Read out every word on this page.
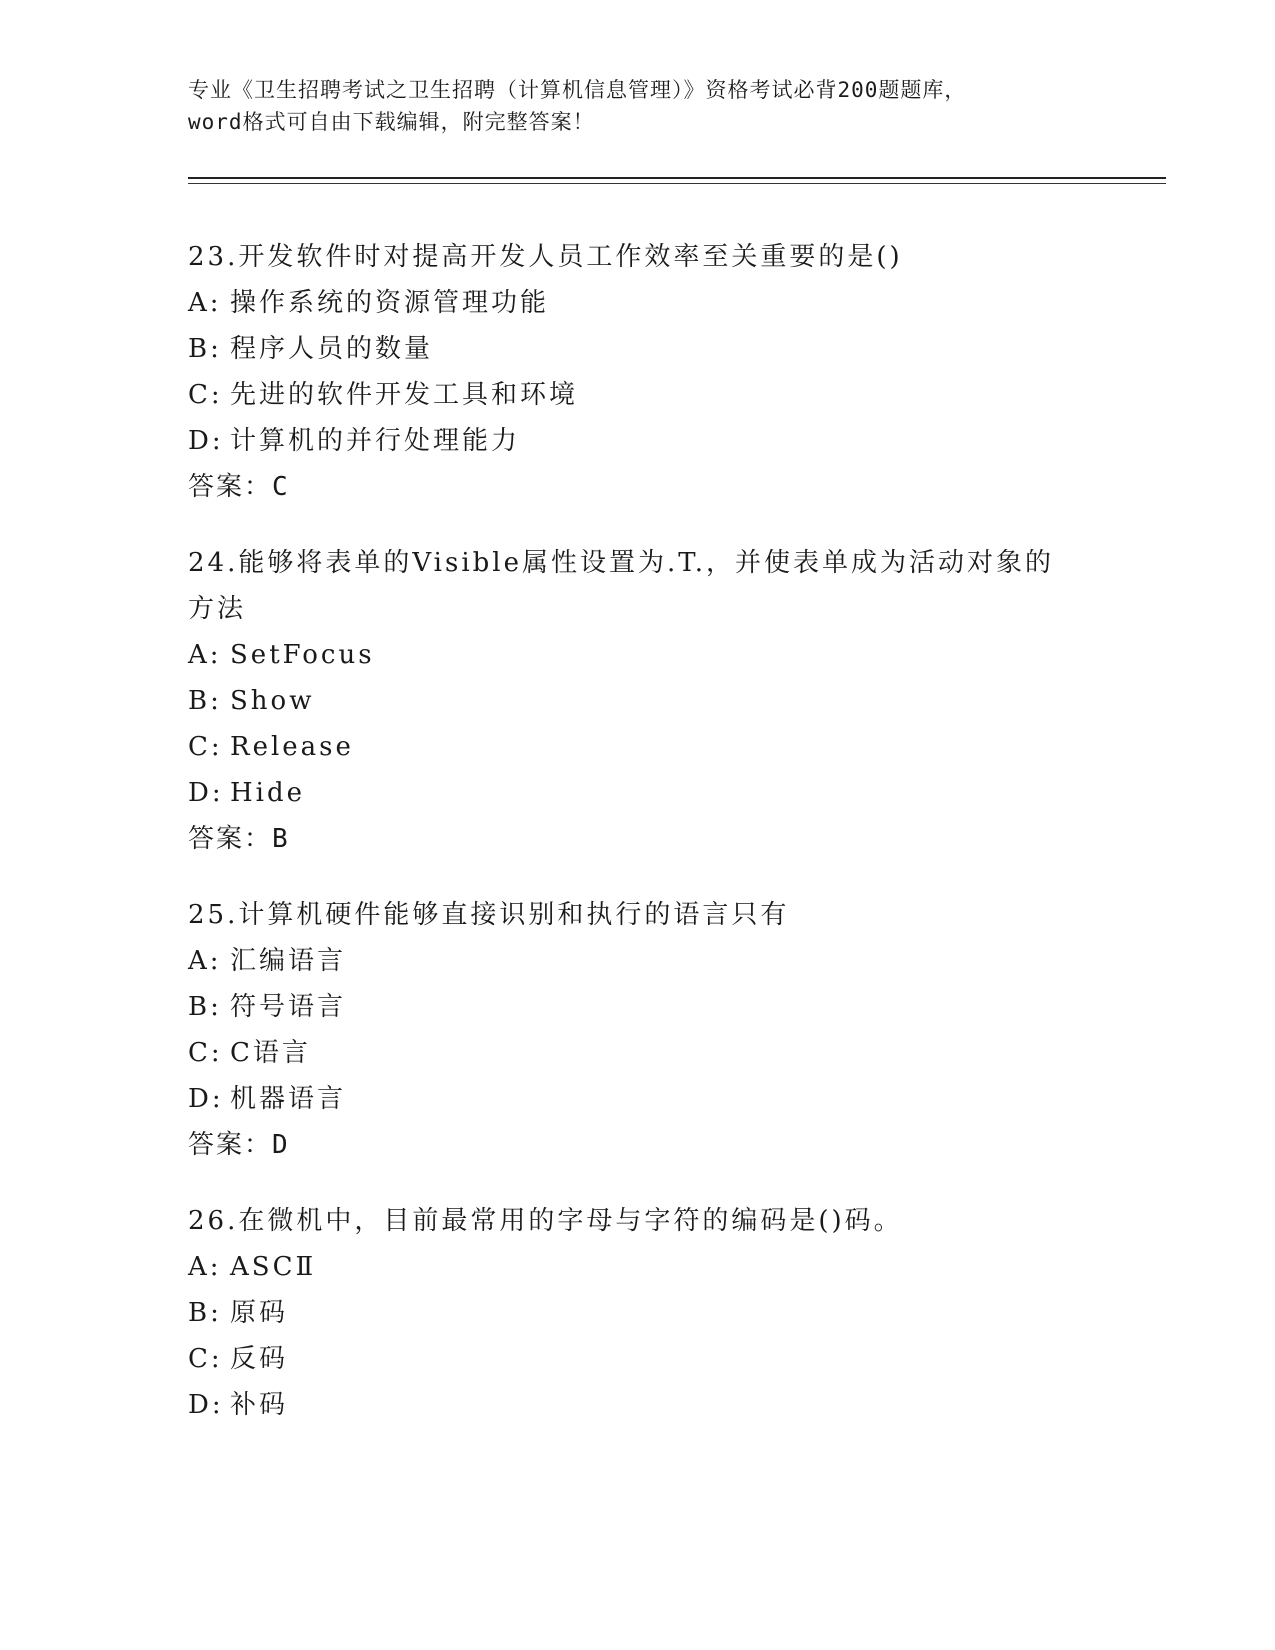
专业《卫生招聘考试之卫生招聘（计算机信息管理）》资格考试必背200题题库，
word格式可自由下载编辑，附完整答案！

23.开发软件时对提高开发人员工作效率至关重要的是()

A: 操作系统的资源管理功能

B: 程序人员的数量

C: 先进的软件开发工具和环境

D: 计算机的并行处理能力

答案：C

24.能够将表单的Visible属性设置为.T.，并使表单成为活动对象的方法

A: SetFocus

B: Show

C: Release

D: Hide

答案：B

25.计算机硬件能够直接识别和执行的语言只有

A: 汇编语言

B: 符号语言

C: C语言

D: 机器语言

答案：D

26.在微机中，目前最常用的字母与字符的编码是()码。

A: ASCⅡ

B: 原码

C: 反码

D: 补码
